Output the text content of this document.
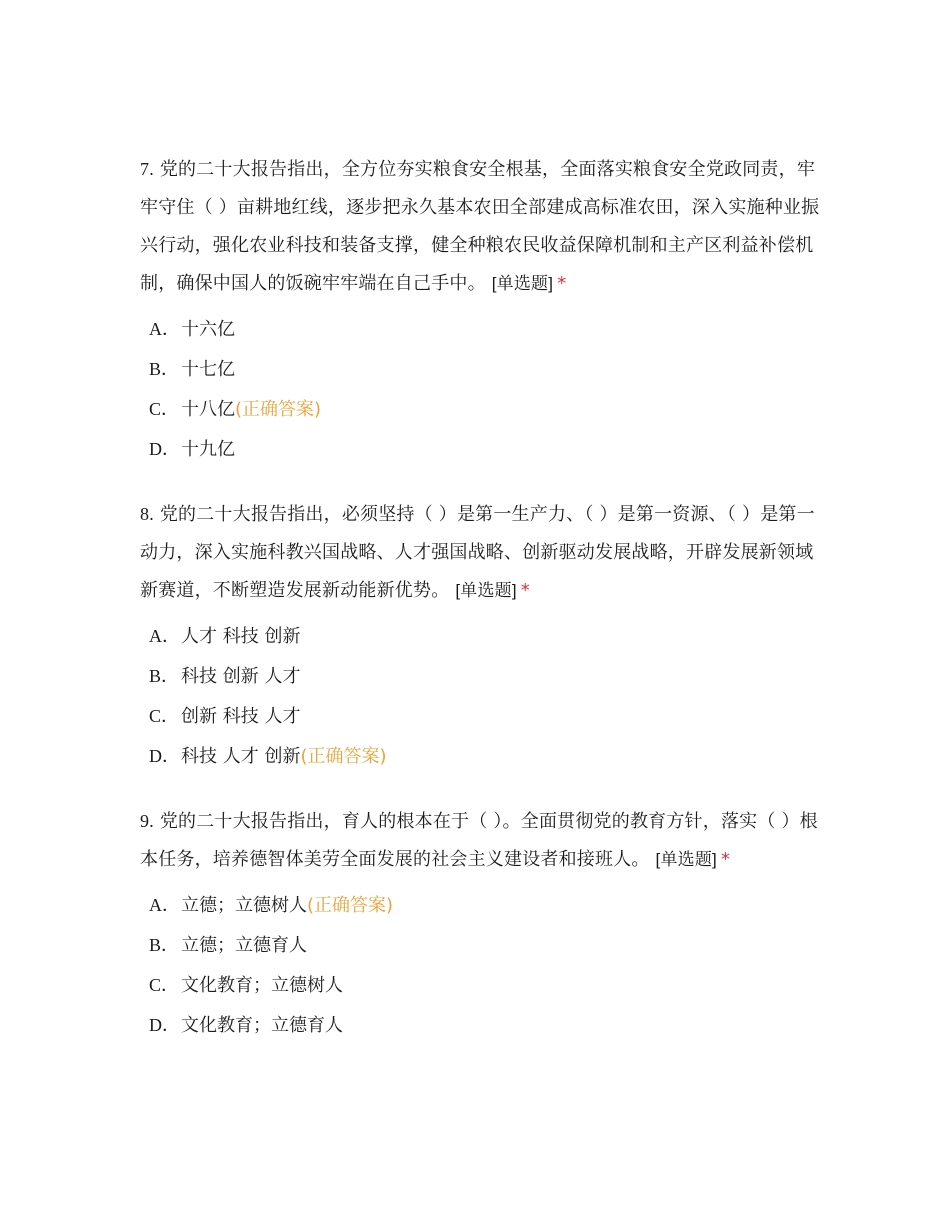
7. 党的二十大报告指出，全方位夯实粮食安全根基，全面落实粮食安全党政同责，牢牢守住（ ）亩耕地红线，逐步把永久基本农田全部建成高标准农田，深入实施种业振兴行动，强化农业科技和装备支撑，健全种粮农民收益保障机制和主产区利益补偿机制，确保中国人的饭碗牢牢端在自己手中。 [单选题] *

A．十六亿
B． 十七亿
C． 十八亿(正确答案)
D．十九亿

8. 党的二十大报告指出，必须坚持（ ）是第一生产力、（ ）是第一资源、（ ）是第一动力，深入实施科教兴国战略、人才强国战略、创新驱动发展战略，开辟发展新领域新赛道，不断塑造发展新动能新优势。 [单选题] *

A．人才 科技 创新
B． 科技 创新 人才
C． 创新 科技 人才
D．科技 人才 创新(正确答案)

9. 党的二十大报告指出，育人的根本在于（ ）。全面贯彻党的教育方针，落实（ ）根本任务，培养德智体美劳全面发展的社会主义建设者和接班人。 [单选题] *

A．立德；立德树人(正确答案)
B． 立德；立德育人
C． 文化教育；立德树人
D．文化教育；立德育人
